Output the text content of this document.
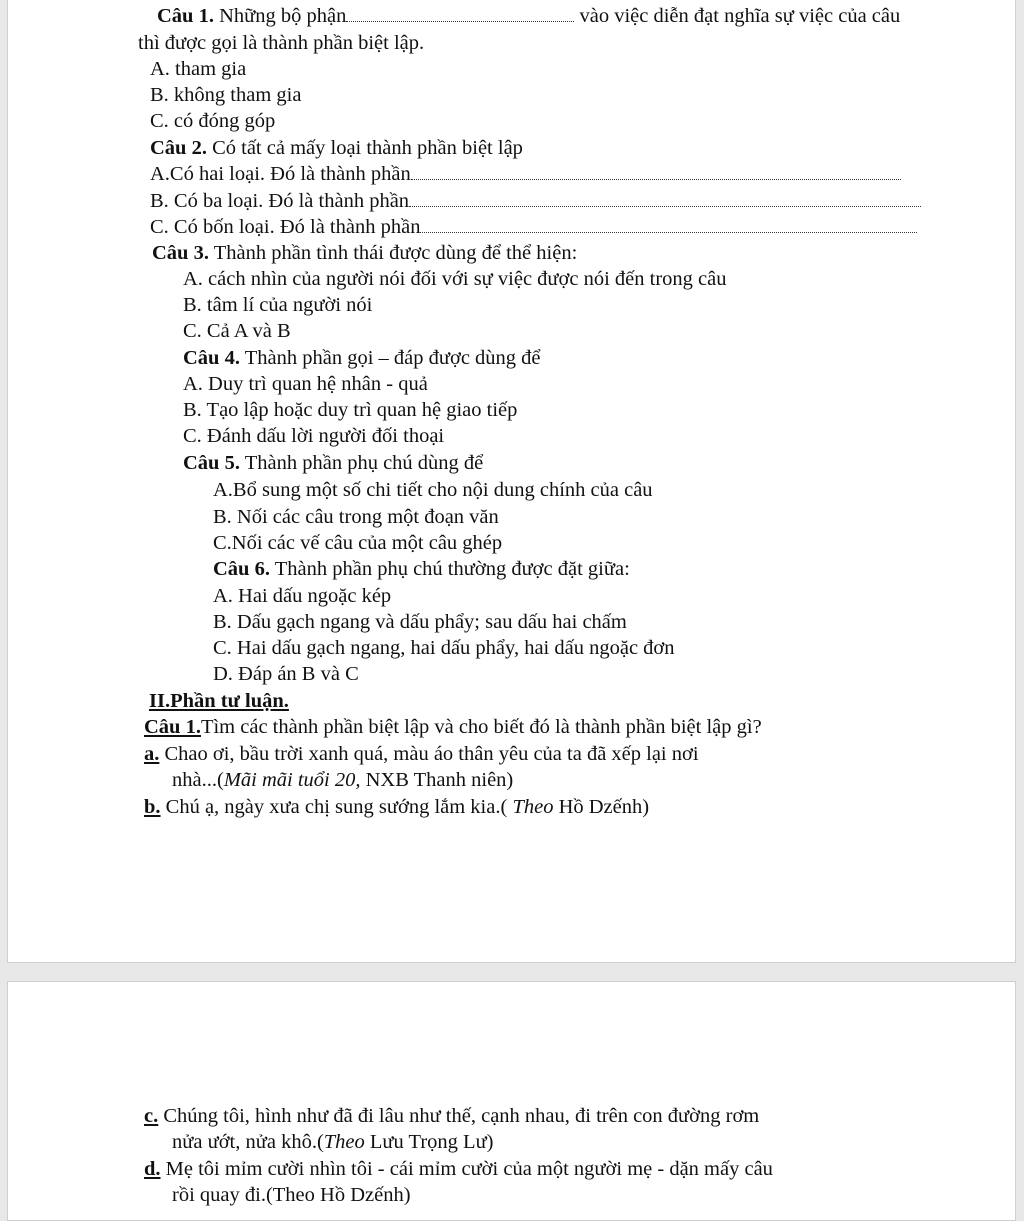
Câu 1. Những bộ phận	vào việc diễn đạt nghĩa sự việc của câu
thì được gọi là thành phần biệt lập.
A. tham gia
B. không tham gia
C. có đóng góp
Câu 2. Có tất cả mấy loại thành phần biệt lập
A.Có hai loại. Đó là thành phần
B. Có ba loại. Đó là thành phần
C. Có bốn loại. Đó là thành phần
Câu 3. Thành phần tình thái được dùng để thể hiện:
A. cách nhìn của người nói đối với sự việc được nói đến trong câu
B. tâm lí của người nói
C. Cả A và B
Câu 4. Thành phần gọi – đáp được dùng để
A. Duy trì quan hệ nhân - quả
B. Tạo lập hoặc duy trì quan hệ giao tiếp
C. Đánh dấu lời người đối thoại
Câu 5. Thành phần phụ chú dùng để
A.Bổ sung một số chi tiết cho nội dung chính của câu
B. Nối các câu trong một đoạn văn
C.Nối các vế câu của một câu ghép
Câu 6. Thành phần phụ chú thường được đặt giữa:
A. Hai dấu ngoặc kép
B. Dấu gạch ngang và dấu phẩy; sau dấu hai chấm
C. Hai dấu gạch ngang, hai dấu phẩy, hai dấu ngoặc đơn
D. Đáp án B và C
II.Phần tư luận.
Câu 1.Tìm các thành phần biệt lập và cho biết đó là thành phần biệt lập gì?
a. Chao ơi, bầu trời xanh quá, màu áo thân yêu của ta đã xếp lại nơi
nhà...(Mãi mãi tuổi 20, NXB Thanh niên)
b. Chú ạ, ngày xưa chị sung sướng lắm kia.( Theo Hồ Dzếnh)
c. Chúng tôi, hình như đã đi lâu như thế, cạnh nhau, đi trên con đường rơm
nửa ướt, nửa khô.(Theo Lưu Trọng Lư)
d. Mẹ tôi mỉm cười nhìn tôi - cái mỉm cười của một người mẹ - dặn mấy câu
rồi quay đi.(Theo Hồ Dzếnh)
